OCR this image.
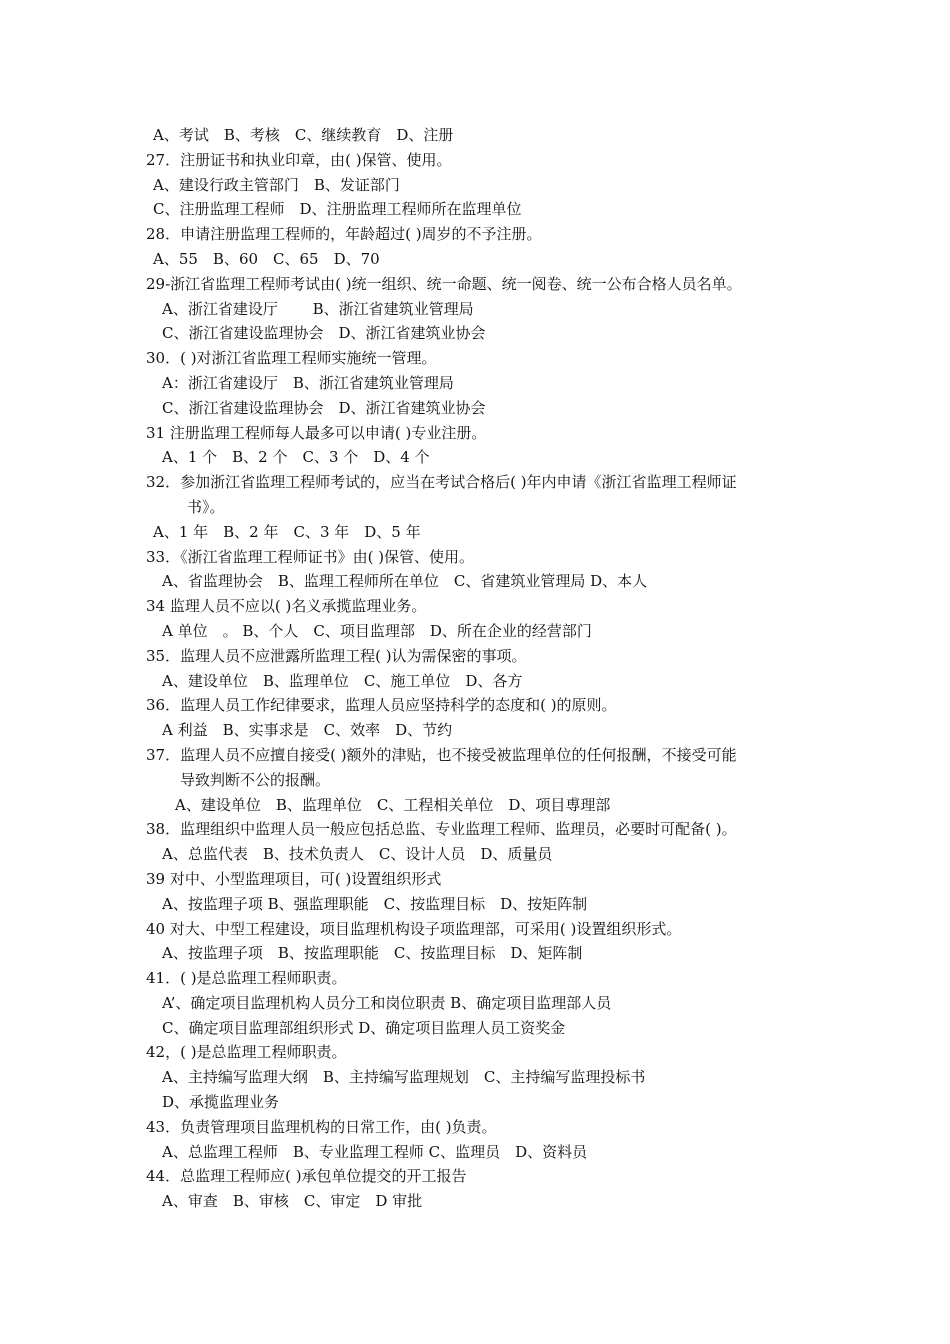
A、考试　B、考核　C、继续教育　D、注册
27．注册证书和执业印章，由( )保管、使用。
A、建设行政主管部门　B、发证部门
C、注册监理工程师　D、注册监理工程师所在监理单位
28．申请注册监理工程师的，年龄超过( )周岁的不予注册。
A、55　B、60　C、65　D、70
29-浙江省监理工程师考试由( )统一组织、统一命题、统一阅卷、统一公布合格人员名单。
A、浙江省建设厅　　 B、浙江省建筑业管理局
C、浙江省建设监理协会　D、浙江省建筑业协会
30．( )对浙江省监理工程师实施统一管理。
A：浙江省建设厅　B、浙江省建筑业管理局
C、浙江省建设监理协会　D、浙江省建筑业协会
31 注册监理工程师每人最多可以申请( )专业注册。
A、1 个　B、2 个　C、3 个　D、4 个
32．参加浙江省监理工程师考试的，应当在考试合格后( )年内申请《浙江省监理工程师证
书》。
A、1 年　B、2 年　C、3 年　D、5 年
33．《浙江省监理工程师证书》由( )保管、使用。
A、省监理协会　B、监理工程师所在单位　C、省建筑业管理局 D、本人
34 监理人员不应以( )名义承揽监理业务。
A 单位　。 B、个人　C、项目监理部　D、所在企业的经营部门
35．监理人员不应泄露所监理工程( )认为需保密的事项。
A、建设单位　B、监理单位　C、施工单位　D、各方
36．监理人员工作纪律要求，监理人员应坚持科学的态度和( )的原则。
A 利益　B、实事求是　C、效率　D、节约
37．监理人员不应擅自接受( )额外的津贴，也不接受被监理单位的任何报酬，不接受可能
导致判断不公的报酬。
A、建设单位　B、监理单位　C、工程相关单位　D、项目尃理部
38．监理组织中监理人员一般应包括总监、专业监理工程师、监理员，必要时可配备( )。
A、总监代表　B、技术负责人　C、设计人员　D、质量员
39 对中、小型监理项目，可( )设置组织形式
A、按监理子项 B、强监理职能　C、按监理目标　D、按矩阵制
40 对大、中型工程建设，项目监理机构设子项监理部，可采用( )设置组织形式。
A、按监理子项　B、按监理职能　C、按监理目标　D、矩阵制
41．( )是总监理工程师职责。
A’、确定项目监理机构人员分工和岗位职责 B、确定项目监理部人员
C、确定项目监理部组织形式 D、确定项目监理人员工资奖金
42，( )是总监理工程师职责。
A、主持编写监理大纲　B、主持编写监理规划　C、主持编写监理投标书
D、承揽监理业务
43．负责管理项目监理机构的日常工作，由( )负责。
A、总监理工程师　B、专业监理工程师 C、监理员　D、资料员
44．总监理工程师应( )承包单位提交的开工报告
A、审查　B、审核　C、审定　D 审批
